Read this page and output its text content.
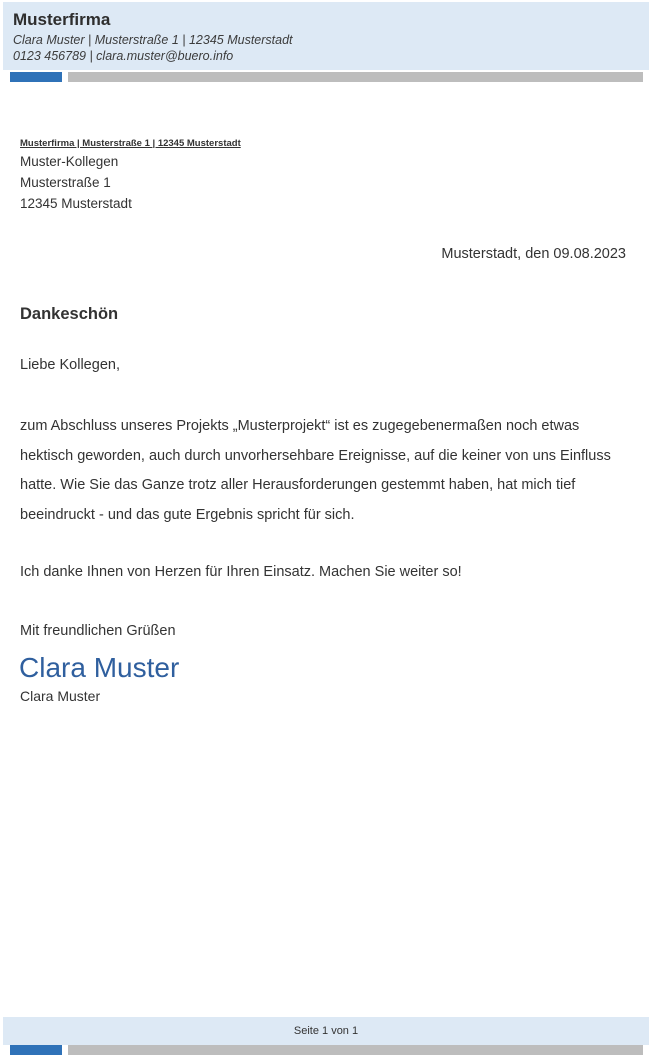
Musterfirma
Clara Muster | Musterstraße 1 | 12345 Musterstadt
0123 456789 | clara.muster@buero.info
Musterfirma | Musterstraße 1 | 12345 Musterstadt
Muster-Kollegen
Musterstraße 1
12345 Musterstadt
Musterstadt, den 09.08.2023
Dankeschön
Liebe Kollegen,
zum Abschluss unseres Projekts „Musterprojekt“ ist es zugegebenermaßen noch etwas
hektisch geworden, auch durch unvorhersehbare Ereignisse, auf die keiner von uns Einfluss
hatte. Wie Sie das Ganze trotz aller Herausforderungen gestemmt haben, hat mich tief
beeindruckt - und das gute Ergebnis spricht für sich.
Ich danke Ihnen von Herzen für Ihren Einsatz. Machen Sie weiter so!
Mit freundlichen Grüßen
Clara Muster
Clara Muster
Seite 1 von 1
